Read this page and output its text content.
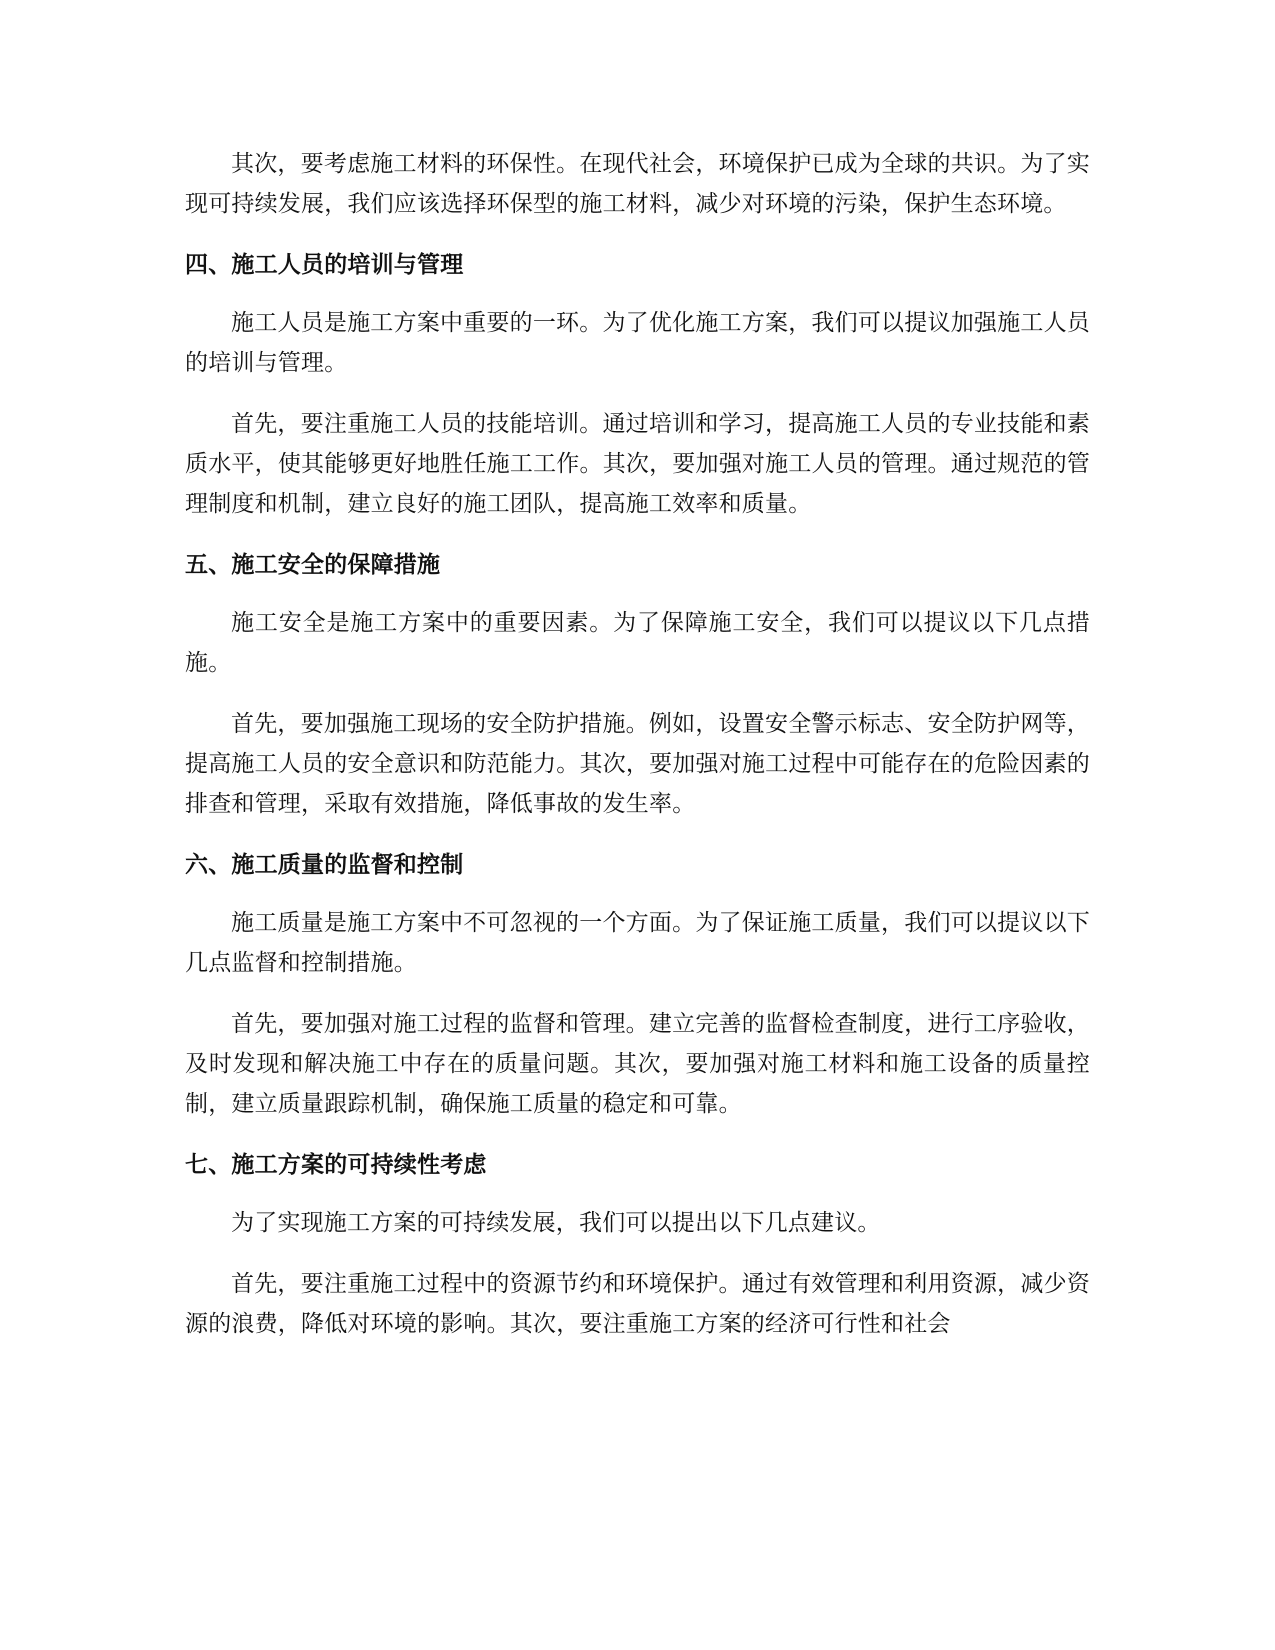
其次，要考虑施工材料的环保性。在现代社会，环境保护已成为全球的共识。为了实现可持续发展，我们应该选择环保型的施工材料，减少对环境的污染，保护生态环境。

四、施工人员的培训与管理

施工人员是施工方案中重要的一环。为了优化施工方案，我们可以提议加强施工人员的培训与管理。

首先，要注重施工人员的技能培训。通过培训和学习，提高施工人员的专业技能和素质水平，使其能够更好地胜任施工工作。其次，要加强对施工人员的管理。通过规范的管理制度和机制，建立良好的施工团队，提高施工效率和质量。

五、施工安全的保障措施

施工安全是施工方案中的重要因素。为了保障施工安全，我们可以提议以下几点措施。

首先，要加强施工现场的安全防护措施。例如，设置安全警示标志、安全防护网等，提高施工人员的安全意识和防范能力。其次，要加强对施工过程中可能存在的危险因素的排查和管理，采取有效措施，降低事故的发生率。

六、施工质量的监督和控制

施工质量是施工方案中不可忽视的一个方面。为了保证施工质量，我们可以提议以下几点监督和控制措施。

首先，要加强对施工过程的监督和管理。建立完善的监督检查制度，进行工序验收，及时发现和解决施工中存在的质量问题。其次，要加强对施工材料和施工设备的质量控制，建立质量跟踪机制，确保施工质量的稳定和可靠。

七、施工方案的可持续性考虑

为了实现施工方案的可持续发展，我们可以提出以下几点建议。

首先，要注重施工过程中的资源节约和环境保护。通过有效管理和利用资源，减少资源的浪费，降低对环境的影响。其次，要注重施工方案的经济可行性和社会
